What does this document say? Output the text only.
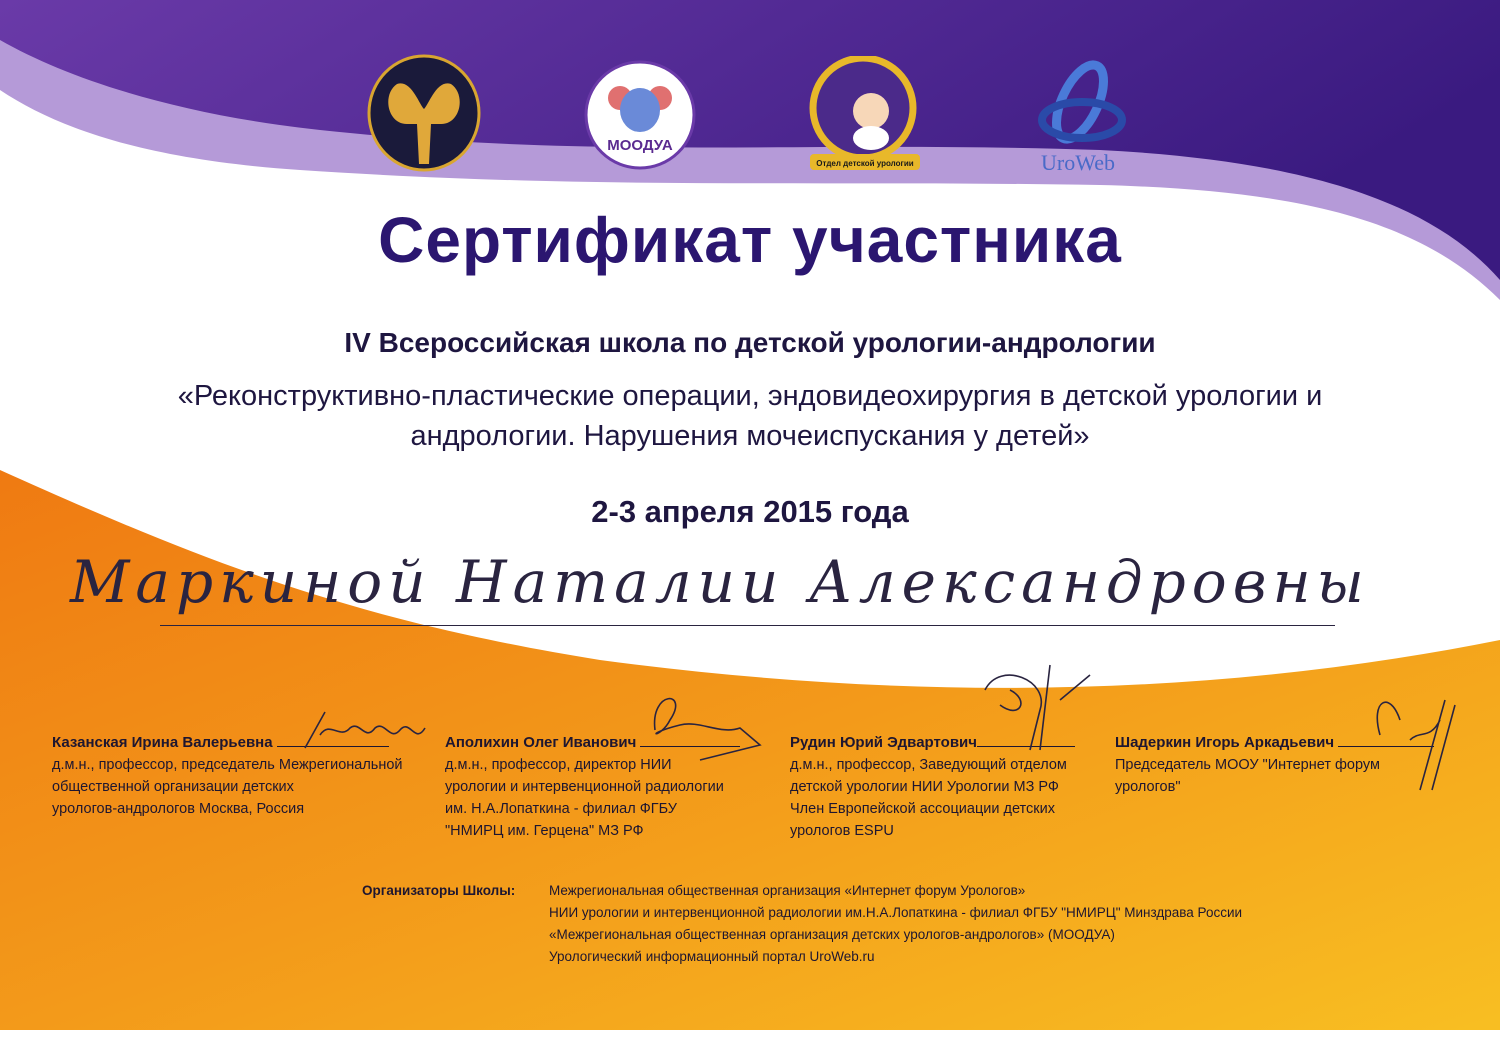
МООДУА
Отдел детской урологии	UroWeb
Сертификат участника
IV Всероссийская школа по детской урологии-андрологии
«Реконструктивно-пластические операции, эндовидеохирургия в детской урологии и
андрологии. Нарушения мочеиспускания у детей»
2-3 апреля 2015 года
Маркиной Наталии Александровны
Казанская Ирина Валерьевна
д.м.н., профессор, председатель Межрегиональной
общественной организации детских
урологов-андрологов Москва, Россия
Аполихин Олег Иванович
д.м.н., профессор, директор НИИ
урологии и интервенционной радиологии
им. Н.А.Лопаткина - филиал ФГБУ
"НМИРЦ им. Герцена" МЗ РФ
Рудин Юрий Эдвартович
д.м.н., профессор, Заведующий отделом
детской урологии НИИ Урологии МЗ РФ
Член Европейской ассоциации детских
урологов ESPU
Шадеркин Игорь Аркадьевич
Председатель МООУ "Интернет форум
урологов"
Организаторы Школы:	Межрегиональная общественная организация «Интернет форум Урологов»
НИИ урологии и интервенционной радиологии им.Н.А.Лопаткина - филиал ФГБУ "НМИРЦ" Минздрава России
«Межрегиональная общественная организация детских урологов-андрологов» (МООДУА)
Урологический информационный портал UroWeb.ru
